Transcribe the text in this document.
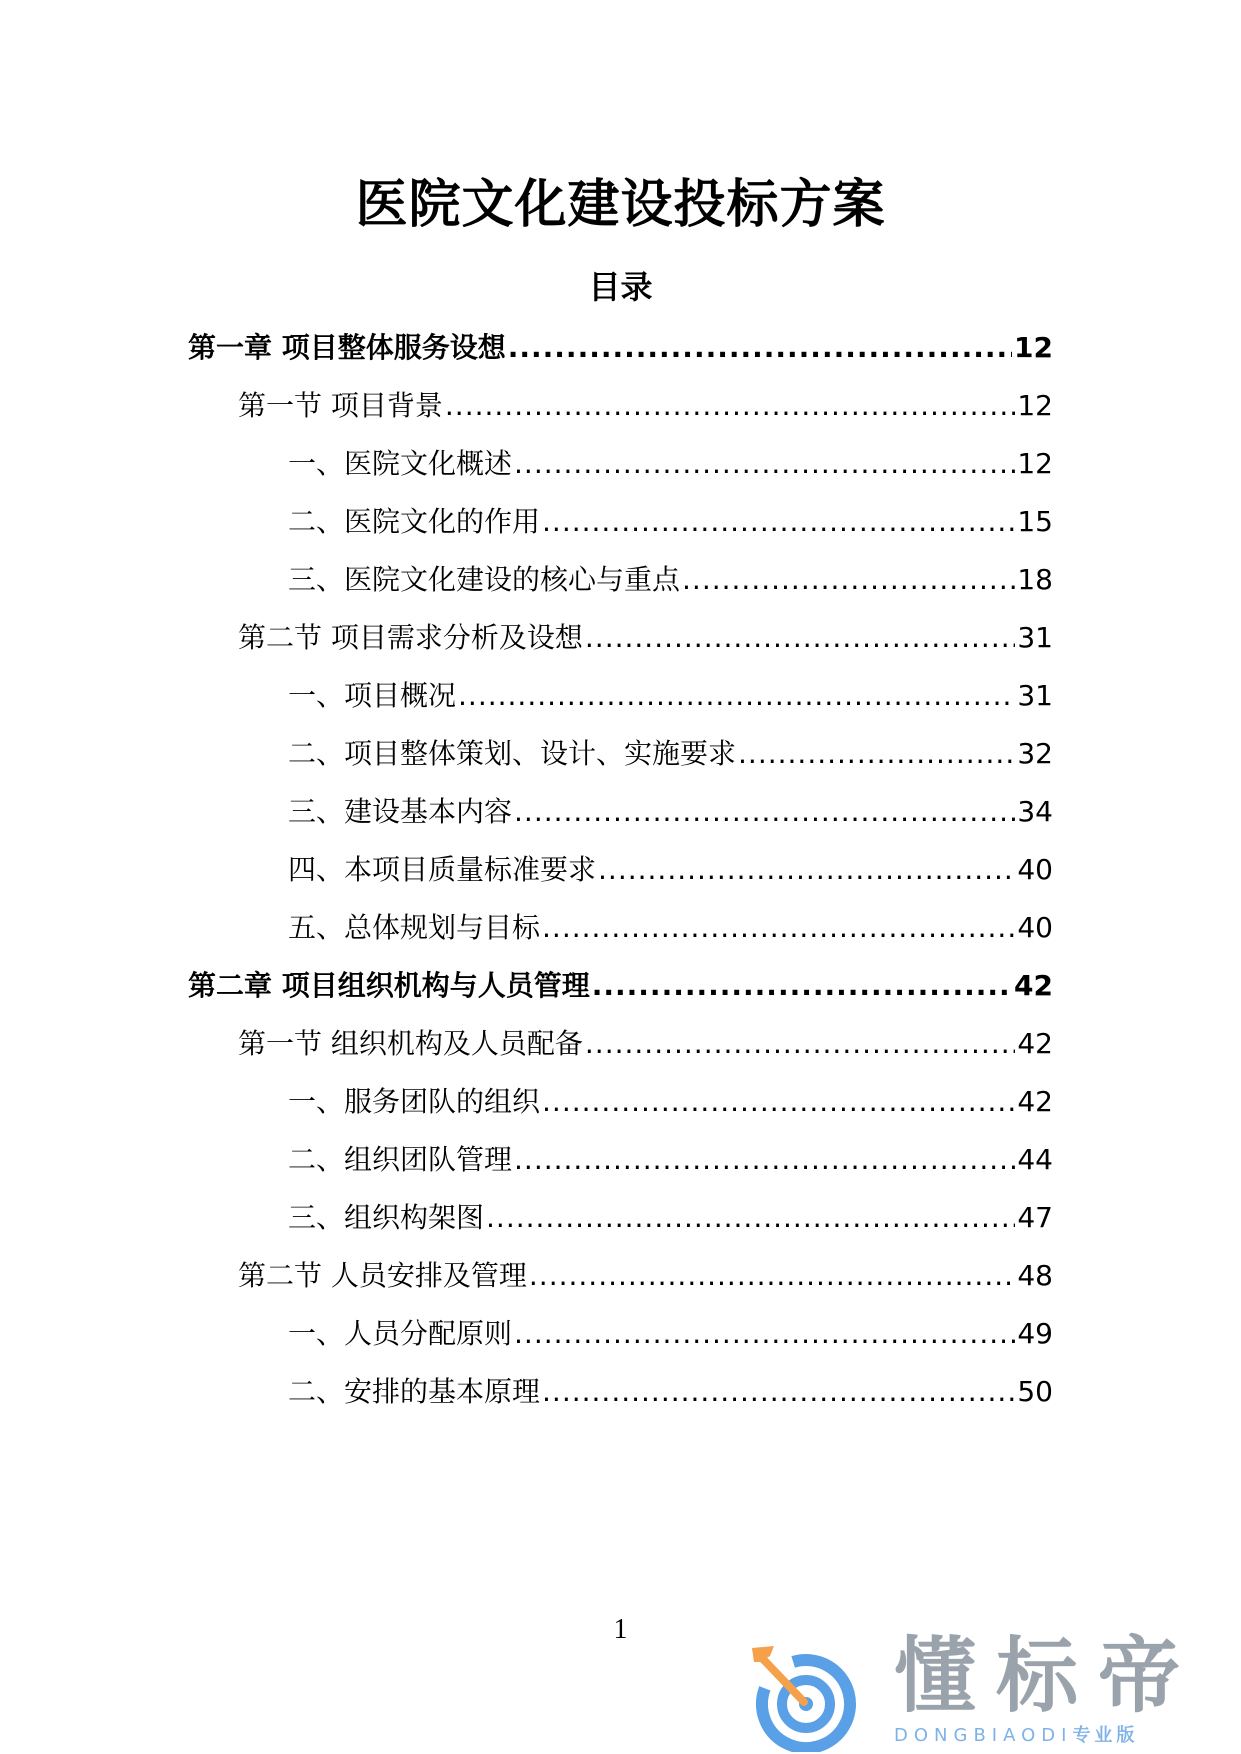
医院文化建设投标方案
目录
第一章 项目整体服务设想 .....	12
第一节 项目背景 .....	12
一、医院文化概述 .....	12
二、医院文化的作用 .....	15
三、医院文化建设的核心与重点 .....	18
第二节 项目需求分析及设想 .....	31
一、项目概况 .....	31
二、项目整体策划、设计、实施要求 .....	32
三、建设基本内容 .....	34
四、本项目质量标准要求 .....	40
五、总体规划与目标 .....	40
第二章 项目组织机构与人员管理 .....	42
第一节 组织机构及人员配备 .....	42
一、服务团队的组织 .....	42
二、组织团队管理 .....	44
三、组织构架图 .....	47
第二节 人员安排及管理 .....	48
一、人员分配原则 .....	49
二、安排的基本原理 .....	50
1	懂标帝
DONGBIAODI专业版
